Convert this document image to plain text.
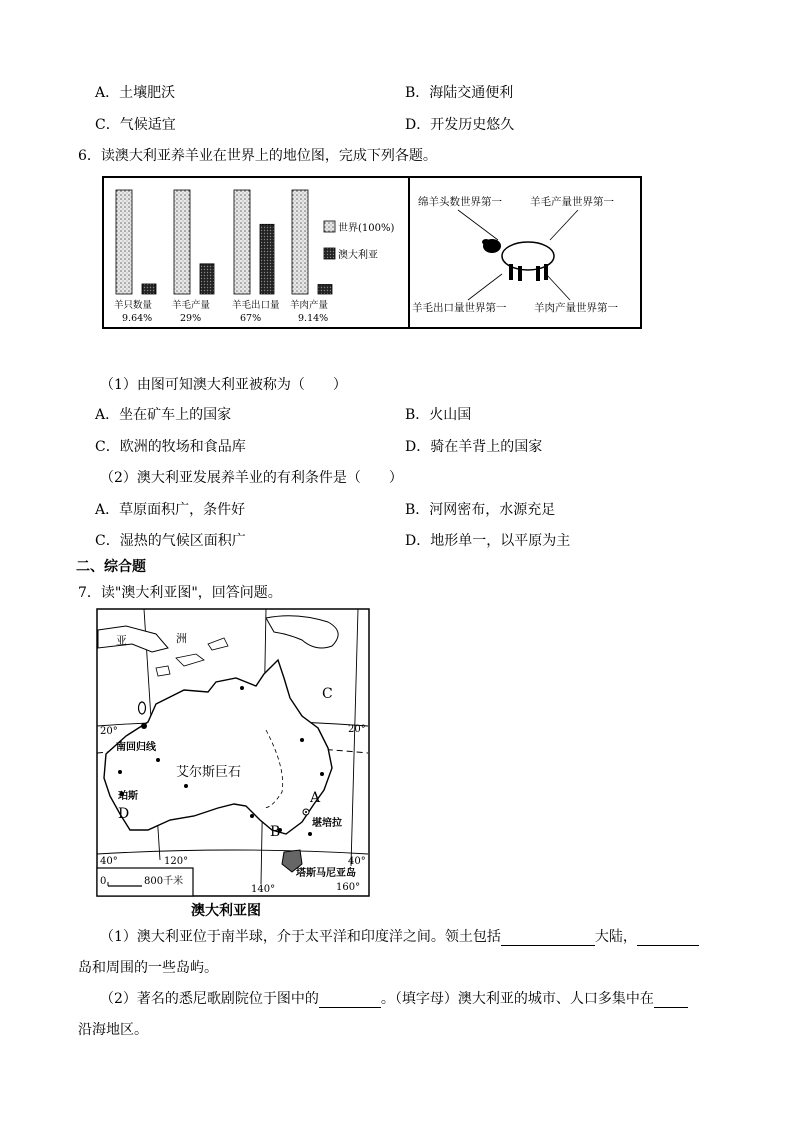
A．土壤肥沃	B．海陆交通便利
C．气候适宜	D．开发历史悠久
6．读澳大利亚养羊业在世界上的地位图，完成下列各题。
羊只数量
9.64%
羊毛产量
29%
羊毛出口量
67%
羊肉产量
9.14%
世界(100%)
澳大利亚
绵羊头数世界第一	羊毛产量世界第一
羊毛出口量世界第一	羊肉产量世界第一
（1）由图可知澳大利亚被称为（　　）
A．坐在矿车上的国家	B．火山国
C．欧洲的牧场和食品库	D．骑在羊背上的国家
（2）澳大利亚发展养羊业的有利条件是（　　）
A．草原面积广，条件好	B．河网密布，水源充足
C．湿热的气候区面积广	D．地形单一，以平原为主
二、综合题
7．读"澳大利亚图"，回答问题。
亚	洲
C
20°	20°
南回归线
艾尔斯巨石
珀斯
D
A
B
堪培拉
40°	120°	40°
塔斯马尼亚岛
140°	160°
0	800千米
澳大利亚图
（1）澳大利亚位于南半球，介于太平洋和印度洋之间。领土包括	大陆，
岛和周围的一些岛屿。
（2）著名的悉尼歌剧院位于图中的	。（填字母）澳大利亚的城市、人口多集中在
沿海地区。
